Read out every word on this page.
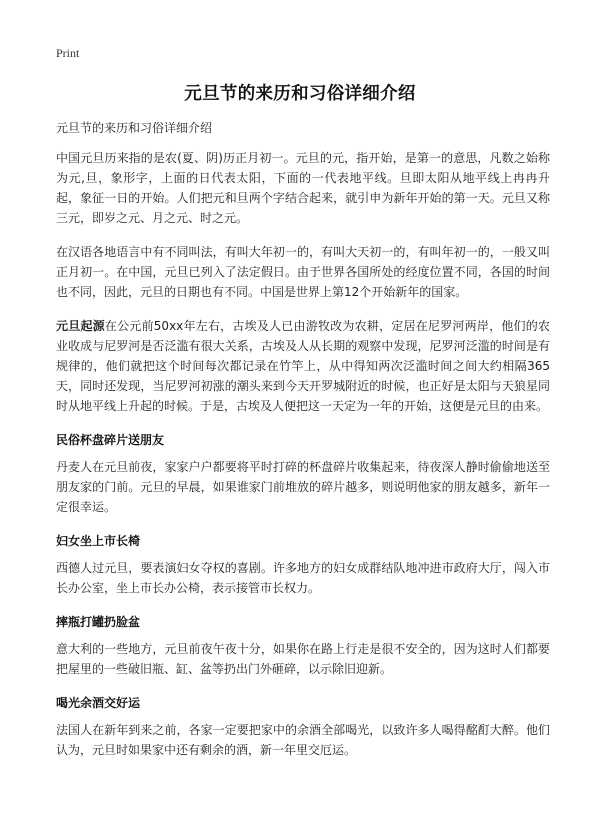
Print
元旦节的来历和习俗详细介绍

元旦节的来历和习俗详细介绍

中国元旦历来指的是农(夏、阴)历正月初一。元旦的元，指开始，是第一的意思，凡数之始称为元,旦，象形字，上面的日代表太阳，下面的一代表地平线。旦即太阳从地平线上冉冉升起，象征一日的开始。人们把元和旦两个字结合起来，就引申为新年开始的第一天。元旦又称三元，即岁之元、月之元、时之元。

在汉语各地语言中有不同叫法，有叫大年初一的，有叫大天初一的，有叫年初一的，一般又叫正月初一。在中国，元旦已列入了法定假日。由于世界各国所处的经度位置不同，各国的时间也不同，因此，元旦的日期也有不同。中国是世界上第12个开始新年的国家。

元旦起源在公元前50xx年左右，古埃及人已由游牧改为农耕，定居在尼罗河两岸，他们的农业收成与尼罗河是否泛滥有很大关系，古埃及人从长期的观察中发现，尼罗河泛滥的时间是有规律的，他们就把这个时间每次都记录在竹竿上，从中得知两次泛滥时间之间大约相隔365天，同时还发现，当尼罗河初涨的潮头来到今天开罗城附近的时候，也正好是太阳与天狼星同时从地平线上升起的时候。于是，古埃及人便把这一天定为一年的开始，这便是元旦的由来。

民俗杯盘碎片送朋友

丹麦人在元旦前夜，家家户户都要将平时打碎的杯盘碎片收集起来，待夜深人静时偷偷地送至朋友家的门前。元旦的早晨，如果谁家门前堆放的碎片越多，则说明他家的朋友越多，新年一定很幸运。

妇女坐上市长椅

西德人过元旦，要表演妇女夺权的喜剧。许多地方的妇女成群结队地冲进市政府大厅，闯入市长办公室，坐上市长办公椅，表示接管市长权力。

摔瓶打罐扔脸盆

意大利的一些地方，元旦前夜午夜十分，如果你在路上行走是很不安全的，因为这时人们都要把屋里的一些破旧瓶、缸、盆等扔出门外砸碎，以示除旧迎新。

喝光余酒交好运

法国人在新年到来之前，各家一定要把家中的余酒全部喝光，以致许多人喝得酩酊大醉。他们认为，元旦时如果家中还有剩余的酒，新一年里交厄运。
